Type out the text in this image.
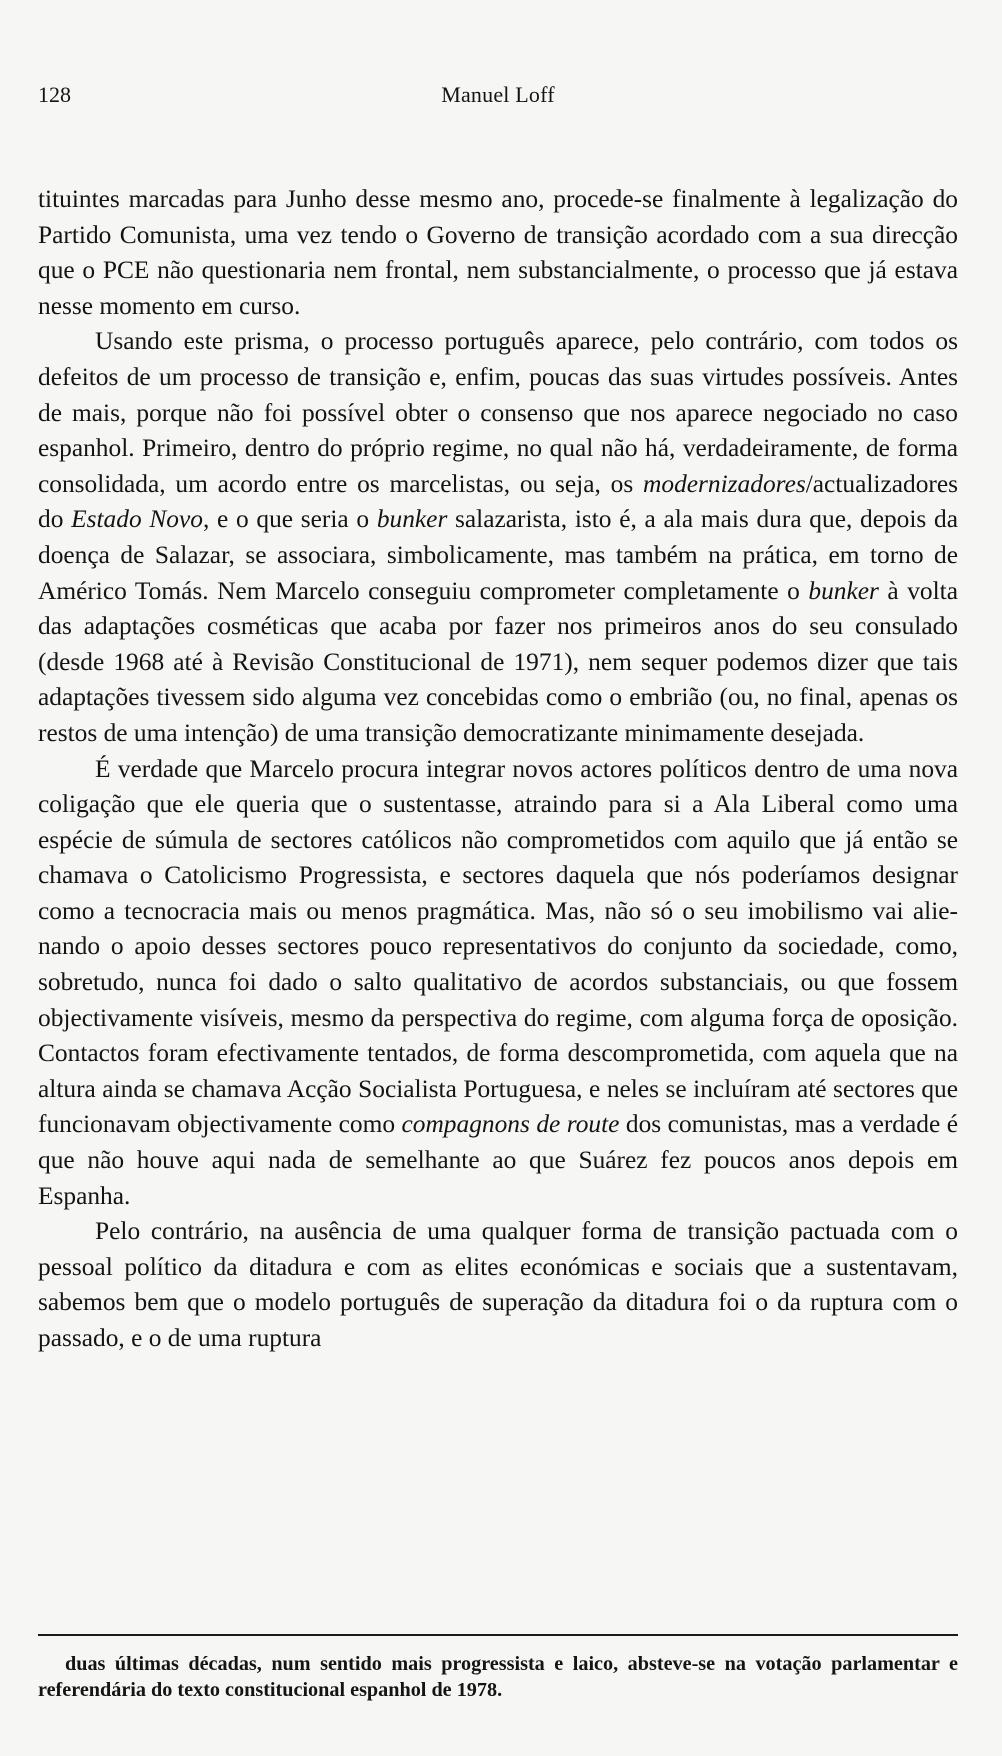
128	Manuel Loff

tituintes marcadas para Junho desse mesmo ano, procede-se finalmente à legalização do Partido Comunista, uma vez tendo o Governo de transição acordado com a sua direcção que o PCE não questionaria nem frontal, nem substancialmente, o processo que já estava nesse momento em curso.

Usando este prisma, o processo português aparece, pelo contrário, com todos os defeitos de um processo de transição e, enfim, poucas das suas virtudes possíveis. Antes de mais, porque não foi possível obter o consenso que nos aparece negociado no caso espanhol. Primeiro, dentro do próprio regime, no qual não há, verdadeiramente, de forma consolidada, um acordo entre os marcelistas, ou seja, os modernizadores/actualizadores do Estado Novo, e o que seria o bunker salazarista, isto é, a ala mais dura que, depois da doença de Salazar, se associara, simbolicamente, mas também na prática, em torno de Américo Tomás. Nem Marcelo conseguiu comprometer completamente o bunker à volta das adaptações cosméticas que acaba por fazer nos primeiros anos do seu consulado (desde 1968 até à Revisão Constitucional de 1971), nem sequer podemos dizer que tais adaptações tivessem sido alguma vez concebidas como o embrião (ou, no final, apenas os restos de uma intenção) de uma transição democratizante minimamente desejada.

É verdade que Marcelo procura integrar novos actores políticos dentro de uma nova coligação que ele queria que o sustentasse, atraindo para si a Ala Liberal como uma espécie de súmula de sectores católicos não comprometidos com aquilo que já então se chamava o Catolicismo Progressista, e sectores daquela que nós poderíamos designar como a tecnocracia mais ou menos pragmática. Mas, não só o seu imobilismo vai alienando o apoio desses sectores pouco representativos do conjunto da sociedade, como, sobretudo, nunca foi dado o salto qualitativo de acordos substanciais, ou que fossem objectivamente visíveis, mesmo da perspectiva do regime, com alguma força de oposição. Contactos foram efectivamente tentados, de forma descomprometida, com aquela que na altura ainda se chamava Acção Socialista Portuguesa, e neles se incluíram até sectores que funcionavam objectivamente como compagnons de route dos comunistas, mas a verdade é que não houve aqui nada de semelhante ao que Suárez fez poucos anos depois em Espanha.

Pelo contrário, na ausência de uma qualquer forma de transição pactuada com o pessoal político da ditadura e com as elites económicas e sociais que a sustentavam, sabemos bem que o modelo português de superação da ditadura foi o da ruptura com o passado, e o de uma ruptura

duas últimas décadas, num sentido mais progressista e laico, absteve-se na votação parlamentar e referendária do texto constitucional espanhol de 1978.
